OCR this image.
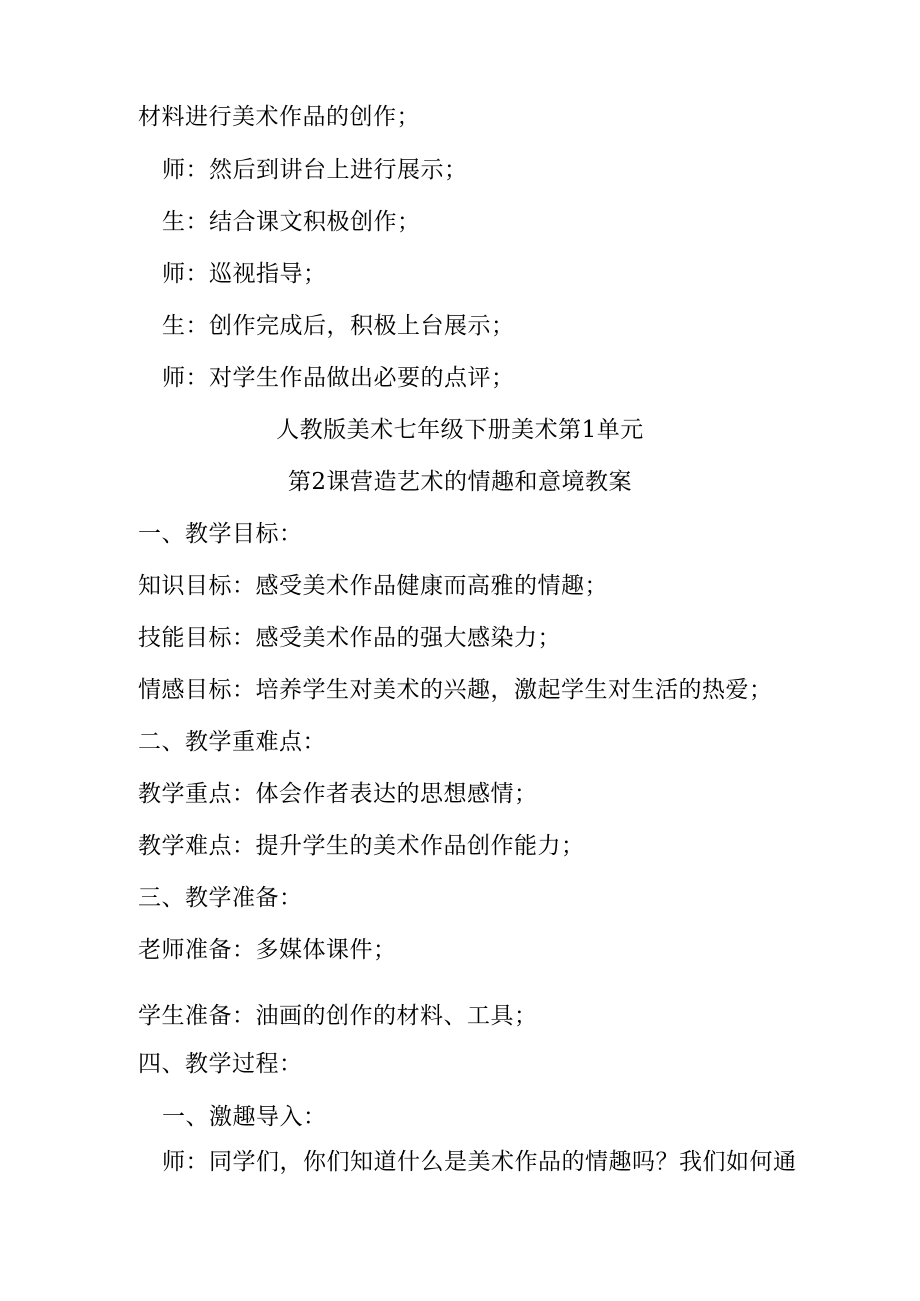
材料进行美术作品的创作；
师：然后到讲台上进行展示；
生：结合课文积极创作；
师：巡视指导；
生：创作完成后，积极上台展示；
师：对学生作品做出必要的点评；
人教版美术七年级下册美术第1单元
第2课营造艺术的情趣和意境教案
一、教学目标：
知识目标：感受美术作品健康而高雅的情趣；
技能目标：感受美术作品的强大感染力；
情感目标：培养学生对美术的兴趣，激起学生对生活的热爱；
二、教学重难点：
教学重点：体会作者表达的思想感情；
教学难点：提升学生的美术作品创作能力；
三、教学准备：
老师准备：多媒体课件；
学生准备：油画的创作的材料、工具；
四、教学过程：
一、激趣导入：
师：同学们，你们知道什么是美术作品的情趣吗？我们如何通
